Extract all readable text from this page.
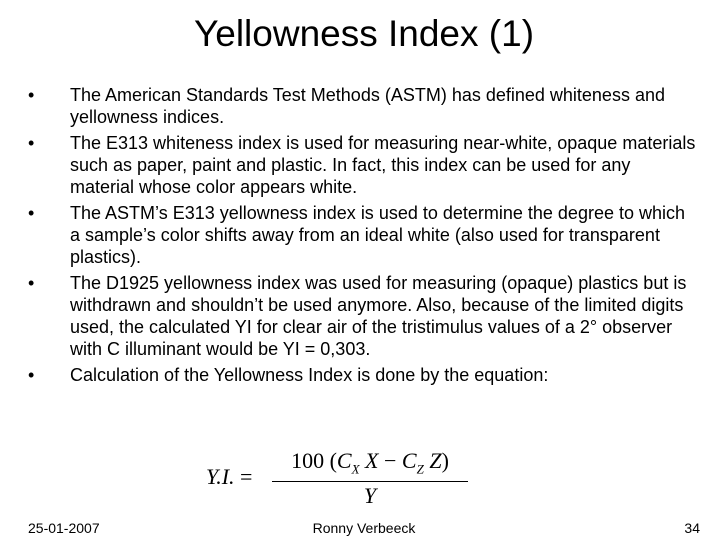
Yellowness Index (1)
•	The American Standards Test Methods (ASTM) has defined whiteness and yellowness indices.
•	The E313 whiteness index is used for measuring near-white, opaque materials such as paper, paint and plastic. In fact, this index can be used for any material whose color appears white.
•	The ASTM’s E313 yellowness index is used to determine the degree to which a sample’s color shifts away from an ideal white (also used for transparent plastics).
•	The D1925 yellowness index was used for measuring (opaque) plastics but is withdrawn and shouldn’t be used anymore. Also, because of the limited digits used, the calculated YI for clear air of the tristimulus values of a 2° observer with C illuminant would be YI = 0,303.
•	Calculation of the Yellowness Index is done by the equation:
Y.I. =
100 ($C_X$ $X - C_Z$ Z)
Y
25-01-2007	Ronny Verbeeck	34
